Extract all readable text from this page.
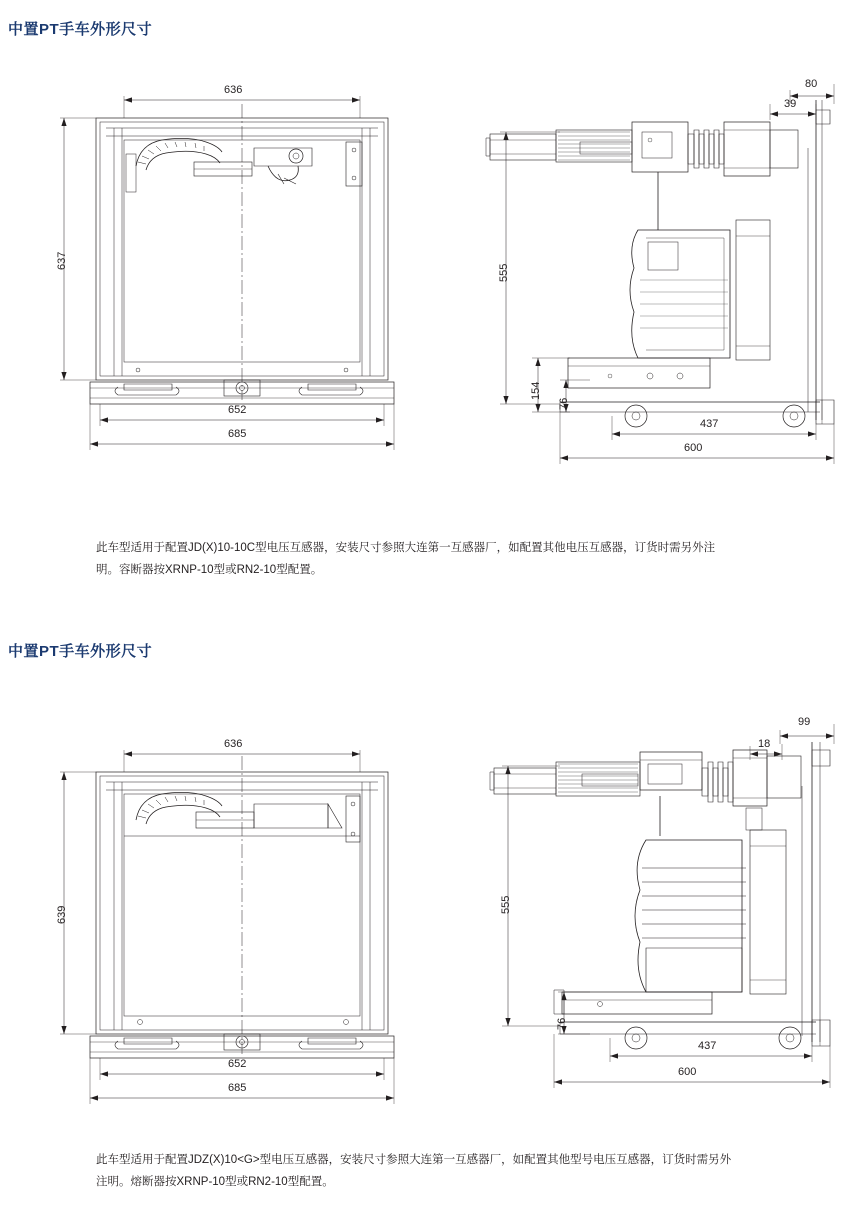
中置PT手车外形尺寸
636
637
652
685
80
39
555
154
76
437
600
此车型适用于配置JD(X)10-10C型电压互感器，安装尺寸参照大连第一互感器厂，如配置其他电压互感器，订货时需另外注明。容断器按XRNP-10型或RN2-10型配置。
中置PT手车外形尺寸
636
639
652
685
99
18
555
76
437
600
此车型适用于配置JDZ(X)10<G>型电压互感器，安装尺寸参照大连第一互感器厂，如配置其他型号电压互感器，订货时需另外注明。熔断器按XRNP-10型或RN2-10型配置。
